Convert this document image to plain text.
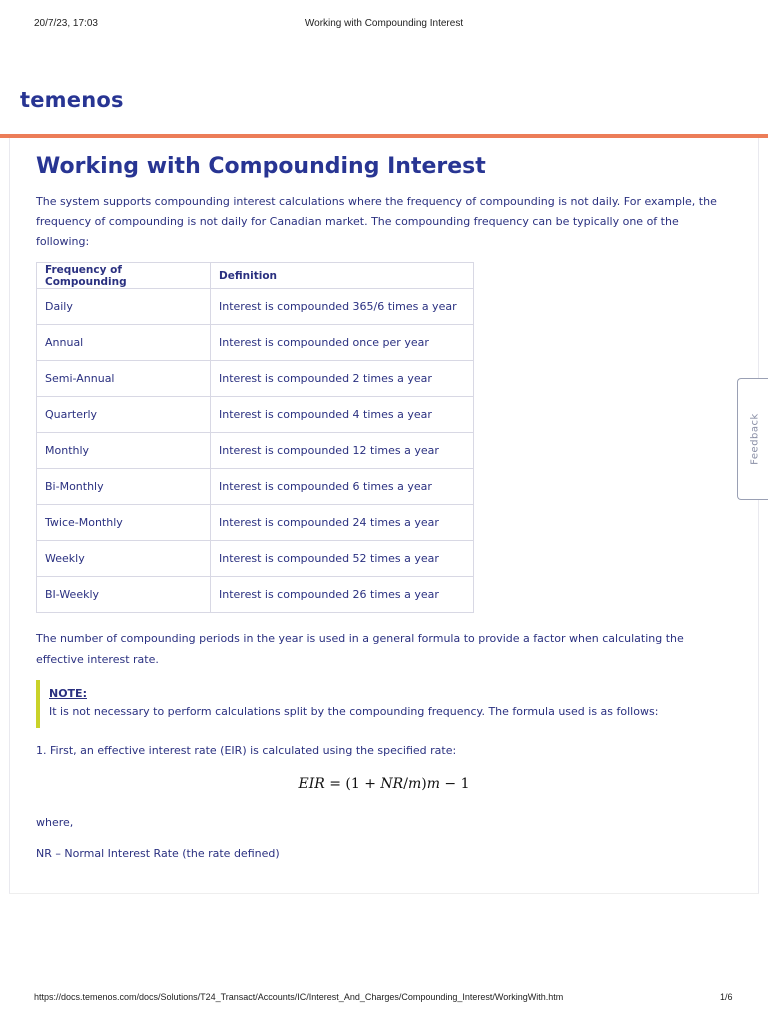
20/7/23, 17:03	Working with Compounding Interest
temenos
Working with Compounding Interest

The system supports compounding interest calculations where the frequency of compounding is not daily. For example, the frequency of compounding is not daily for Canadian market. The compounding frequency can be typically one of the following:

Frequency of Compounding	Definition
Daily	Interest is compounded 365/6 times a year
Annual	Interest is compounded once per year
Semi-Annual	Interest is compounded 2 times a year
Quarterly	Interest is compounded 4 times a year
Monthly	Interest is compounded 12 times a year
Bi-Monthly	Interest is compounded 6 times a year
Twice-Monthly	Interest is compounded 24 times a year
Weekly	Interest is compounded 52 times a year
BI-Weekly	Interest is compounded 26 times a year

The number of compounding periods in the year is used in a general formula to provide a factor when calculating the effective interest rate.

NOTE:
It is not necessary to perform calculations split by the compounding frequency. The formula used is as follows:

1. First, an effective interest rate (EIR) is calculated using the specified rate:

EIR = (1 + NR/m)m − 1

where,

NR – Normal Interest Rate (the rate defined)

Feedback
https://docs.temenos.com/docs/Solutions/T24_Transact/Accounts/IC/Interest_And_Charges/Compounding_Interest/WorkingWith.htm	1/6
